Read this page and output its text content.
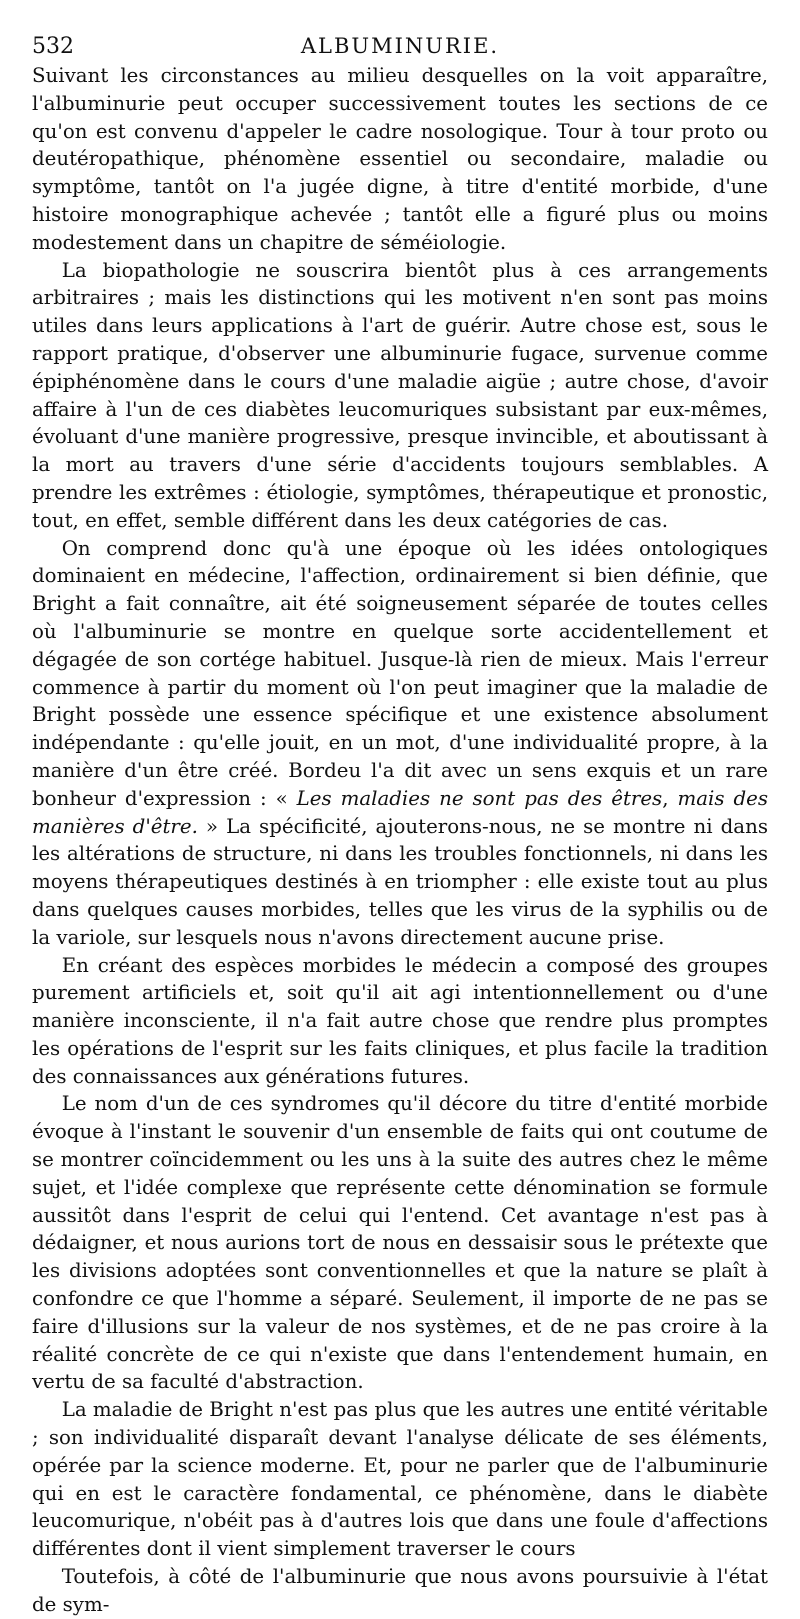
532	ALBUMINURIE.

Suivant les circonstances au milieu desquelles on la voit apparaître, l'albuminurie peut occuper successivement toutes les sections de ce qu'on est convenu d'appeler le cadre nosologique. Tour à tour proto ou deutéropathique, phénomène essentiel ou secondaire, maladie ou symptôme, tantôt on l'a jugée digne, à titre d'entité morbide, d'une histoire monographique achevée ; tantôt elle a figuré plus ou moins modestement dans un chapitre de séméiologie.

La biopathologie ne souscrira bientôt plus à ces arrangements arbitraires ; mais les distinctions qui les motivent n'en sont pas moins utiles dans leurs applications à l'art de guérir. Autre chose est, sous le rapport pratique, d'observer une albuminurie fugace, survenue comme épiphénomène dans le cours d'une maladie aigüe ; autre chose, d'avoir affaire à l'un de ces diabètes leucomuriques subsistant par eux-mêmes, évoluant d'une manière progressive, presque invincible, et aboutissant à la mort au travers d'une série d'accidents toujours semblables. A prendre les extrêmes : étiologie, symptômes, thérapeutique et pronostic, tout, en effet, semble différent dans les deux catégories de cas.

On comprend donc qu'à une époque où les idées ontologiques dominaient en médecine, l'affection, ordinairement si bien définie, que Bright a fait connaître, ait été soigneusement séparée de toutes celles où l'albuminurie se montre en quelque sorte accidentellement et dégagée de son cortége habituel. Jusque-là rien de mieux. Mais l'erreur commence à partir du moment où l'on peut imaginer que la maladie de Bright possède une essence spécifique et une existence absolument indépendante : qu'elle jouit, en un mot, d'une individualité propre, à la manière d'un être créé. Bordeu l'a dit avec un sens exquis et un rare bonheur d'expression : « Les maladies ne sont pas des êtres, mais des manières d'être. » La spécificité, ajouterons-nous, ne se montre ni dans les altérations de structure, ni dans les troubles fonctionnels, ni dans les moyens thérapeutiques destinés à en triompher : elle existe tout au plus dans quelques causes morbides, telles que les virus de la syphilis ou de la variole, sur lesquels nous n'avons directement aucune prise.

En créant des espèces morbides le médecin a composé des groupes purement artificiels et, soit qu'il ait agi intentionnellement ou d'une manière inconsciente, il n'a fait autre chose que rendre plus promptes les opérations de l'esprit sur les faits cliniques, et plus facile la tradition des connaissances aux générations futures.

Le nom d'un de ces syndromes qu'il décore du titre d'entité morbide évoque à l'instant le souvenir d'un ensemble de faits qui ont coutume de se montrer coïncidemment ou les uns à la suite des autres chez le même sujet, et l'idée complexe que représente cette dénomination se formule aussitôt dans l'esprit de celui qui l'entend. Cet avantage n'est pas à dédaigner, et nous aurions tort de nous en dessaisir sous le prétexte que les divisions adoptées sont conventionnelles et que la nature se plaît à confondre ce que l'homme a séparé. Seulement, il importe de ne pas se faire d'illusions sur la valeur de nos systèmes, et de ne pas croire à la réalité concrète de ce qui n'existe que dans l'entendement humain, en vertu de sa faculté d'abstraction.

La maladie de Bright n'est pas plus que les autres une entité véritable ; son individualité disparaît devant l'analyse délicate de ses éléments, opérée par la science moderne. Et, pour ne parler que de l'albuminurie qui en est le caractère fondamental, ce phénomène, dans le diabète leucomurique, n'obéit pas à d'autres lois que dans une foule d'affections différentes dont il vient simplement traverser le cours

Toutefois, à côté de l'albuminurie que nous avons poursuivie à l'état de sym-
